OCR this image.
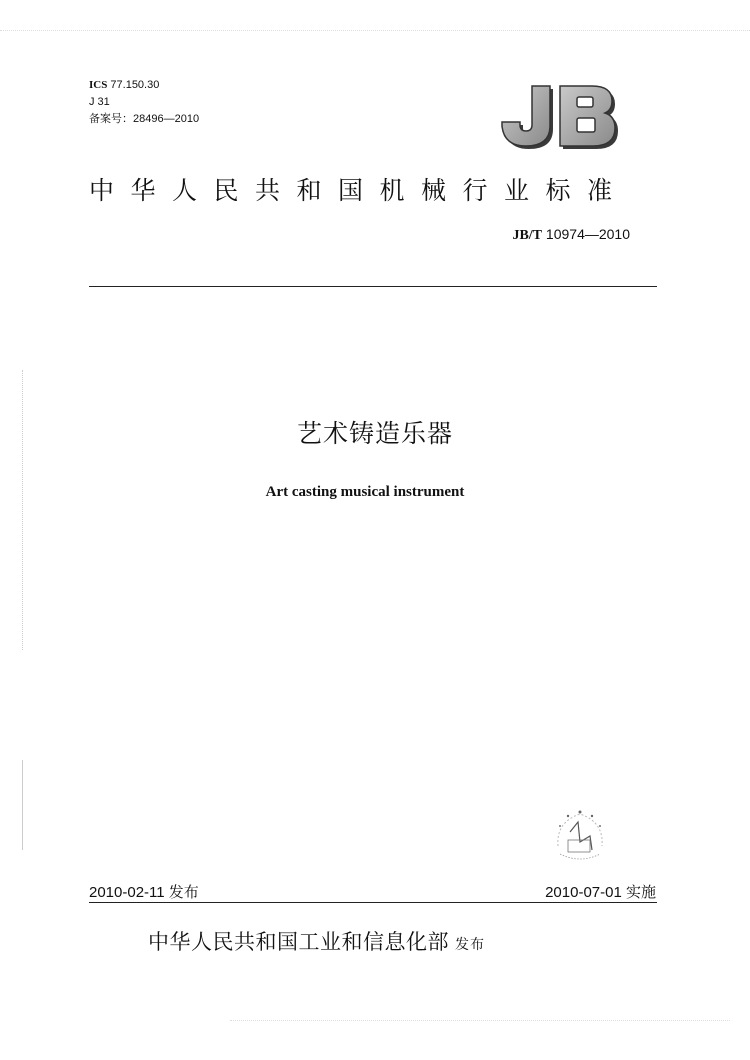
ICS 77.150.30
J 31
备案号：28496—2010
中华人民共和国机械行业标准
JB/T 10974—2010
艺术铸造乐器
Art casting musical instrument
2010-02-11 发布	2010-07-01 实施
中华人民共和国工业和信息化部 发布
